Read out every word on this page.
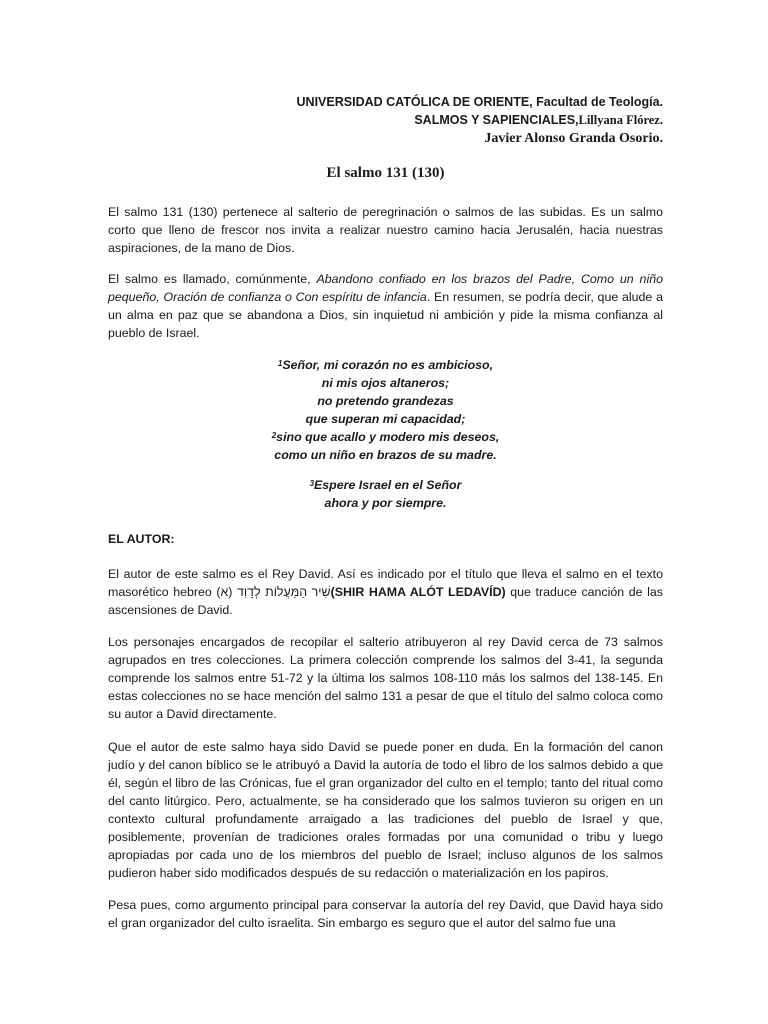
UNIVERSIDAD CATÓLICA DE ORIENTE, Facultad de Teología.
SALMOS Y SAPIENCIALES,Lillyana Flórez.
Javier Alonso Granda Osorio.
El salmo 131 (130)

El salmo 131 (130) pertenece al salterio de peregrinación o salmos de las subidas. Es un salmo corto que lleno de frescor nos invita a realizar nuestro camino hacia Jerusalén, hacia nuestras aspiraciones, de la mano de Dios.

El salmo es llamado, comúnmente, Abandono confiado en los brazos del Padre, Como un niño pequeño, Oración de confianza o Con espíritu de infancia. En resumen, se podría decir, que alude a un alma en paz que se abandona a Dios, sin inquietud ni ambición y pide la misma confianza al pueblo de Israel.

$^1$Señor, mi corazón no es ambicioso,
ni mis ojos altaneros;
no pretendo grandezas
que superan mi capacidad;
$^2$sino que acallo y modero mis deseos,
como un niño en brazos de su madre.
$^3$Espere Israel en el Señor
ahora y por siempre.
EL AUTOR:

El autor de este salmo es el Rey David. Así es indicado por el título que lleva el salmo en el texto masorético hebreo (א) שִׁיר הַמַּעֲלוֹת לְדָוִד(SHIR HAMA ALÓT LEDAVÍD) que traduce canción de las ascensiones de David.

Los personajes encargados de recopilar el salterio atribuyeron al rey David cerca de 73 salmos agrupados en tres colecciones. La primera colección comprende los salmos del 3-41, la segunda comprende los salmos entre 51-72 y la última los salmos 108-110 más los salmos del 138-145. En estas colecciones no se hace mención del salmo 131 a pesar de que el título del salmo coloca como su autor a David directamente.

Que el autor de este salmo haya sido David se puede poner en duda. En la formación del canon judío y del canon bíblico se le atribuyó a David la autoría de todo el libro de los salmos debido a que él, según el libro de las Crónicas, fue el gran organizador del culto en el templo; tanto del ritual como del canto litúrgico. Pero, actualmente, se ha considerado que los salmos tuvieron su origen en un contexto cultural profundamente arraigado a las tradiciones del pueblo de Israel y que, posiblemente, provenían de tradiciones orales formadas por una comunidad o tribu y luego apropiadas por cada uno de los miembros del pueblo de Israel; incluso algunos de los salmos pudieron haber sido modificados después de su redacción o materialización en los papiros.

Pesa pues, como argumento principal para conservar la autoría del rey David, que David haya sido el gran organizador del culto israelita. Sin embargo es seguro que el autor del salmo fue una
